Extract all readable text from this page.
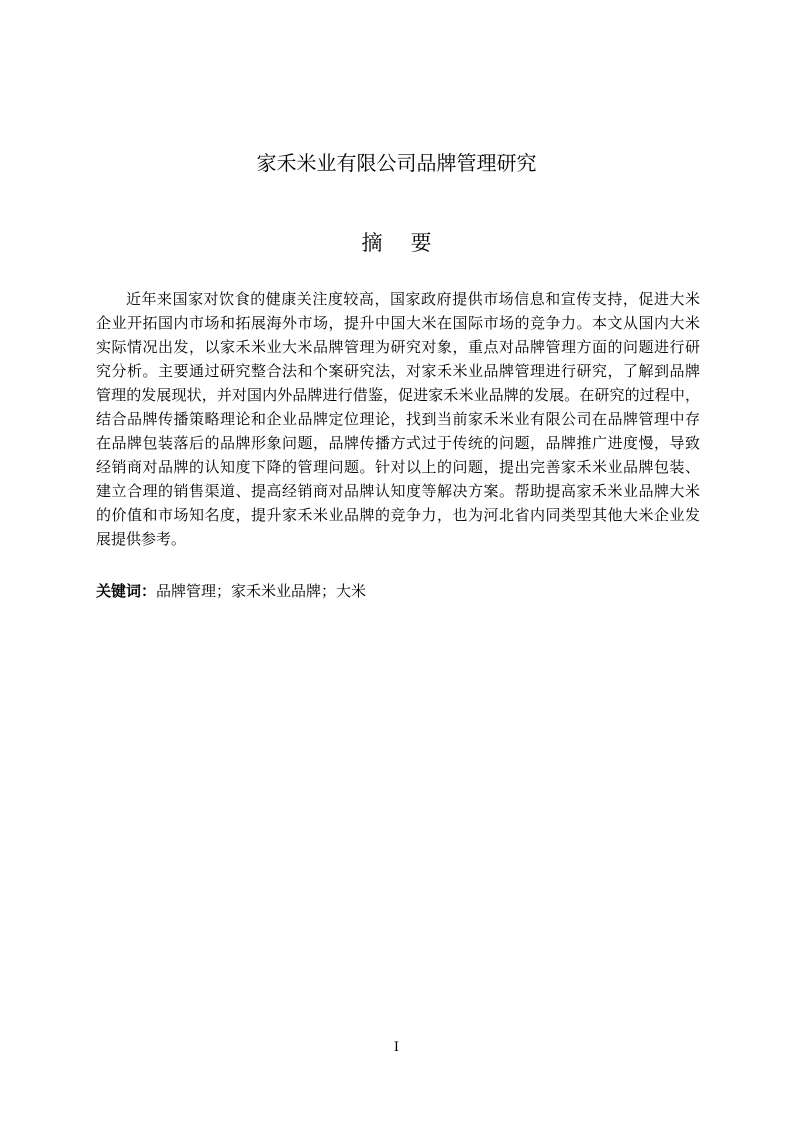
家禾米业有限公司品牌管理研究
摘要
近年来国家对饮食的健康关注度较高，国家政府提供市场信息和宣传支持，促进大米
企业开拓国内市场和拓展海外市场，提升中国大米在国际市场的竞争力。本文从国内大米
实际情况出发，以家禾米业大米品牌管理为研究对象，重点对品牌管理方面的问题进行研
究分析。主要通过研究整合法和个案研究法，对家禾米业品牌管理进行研究，了解到品牌
管理的发展现状，并对国内外品牌进行借鉴，促进家禾米业品牌的发展。在研究的过程中，
结合品牌传播策略理论和企业品牌定位理论，找到当前家禾米业有限公司在品牌管理中存
在品牌包装落后的品牌形象问题，品牌传播方式过于传统的问题，品牌推广进度慢，导致
经销商对品牌的认知度下降的管理问题。针对以上的问题，提出完善家禾米业品牌包装、
建立合理的销售渠道、提高经销商对品牌认知度等解决方案。帮助提高家禾米业品牌大米
的价值和市场知名度，提升家禾米业品牌的竞争力，也为河北省内同类型其他大米企业发
展提供参考。
关键词：品牌管理；家禾米业品牌；大米
I
